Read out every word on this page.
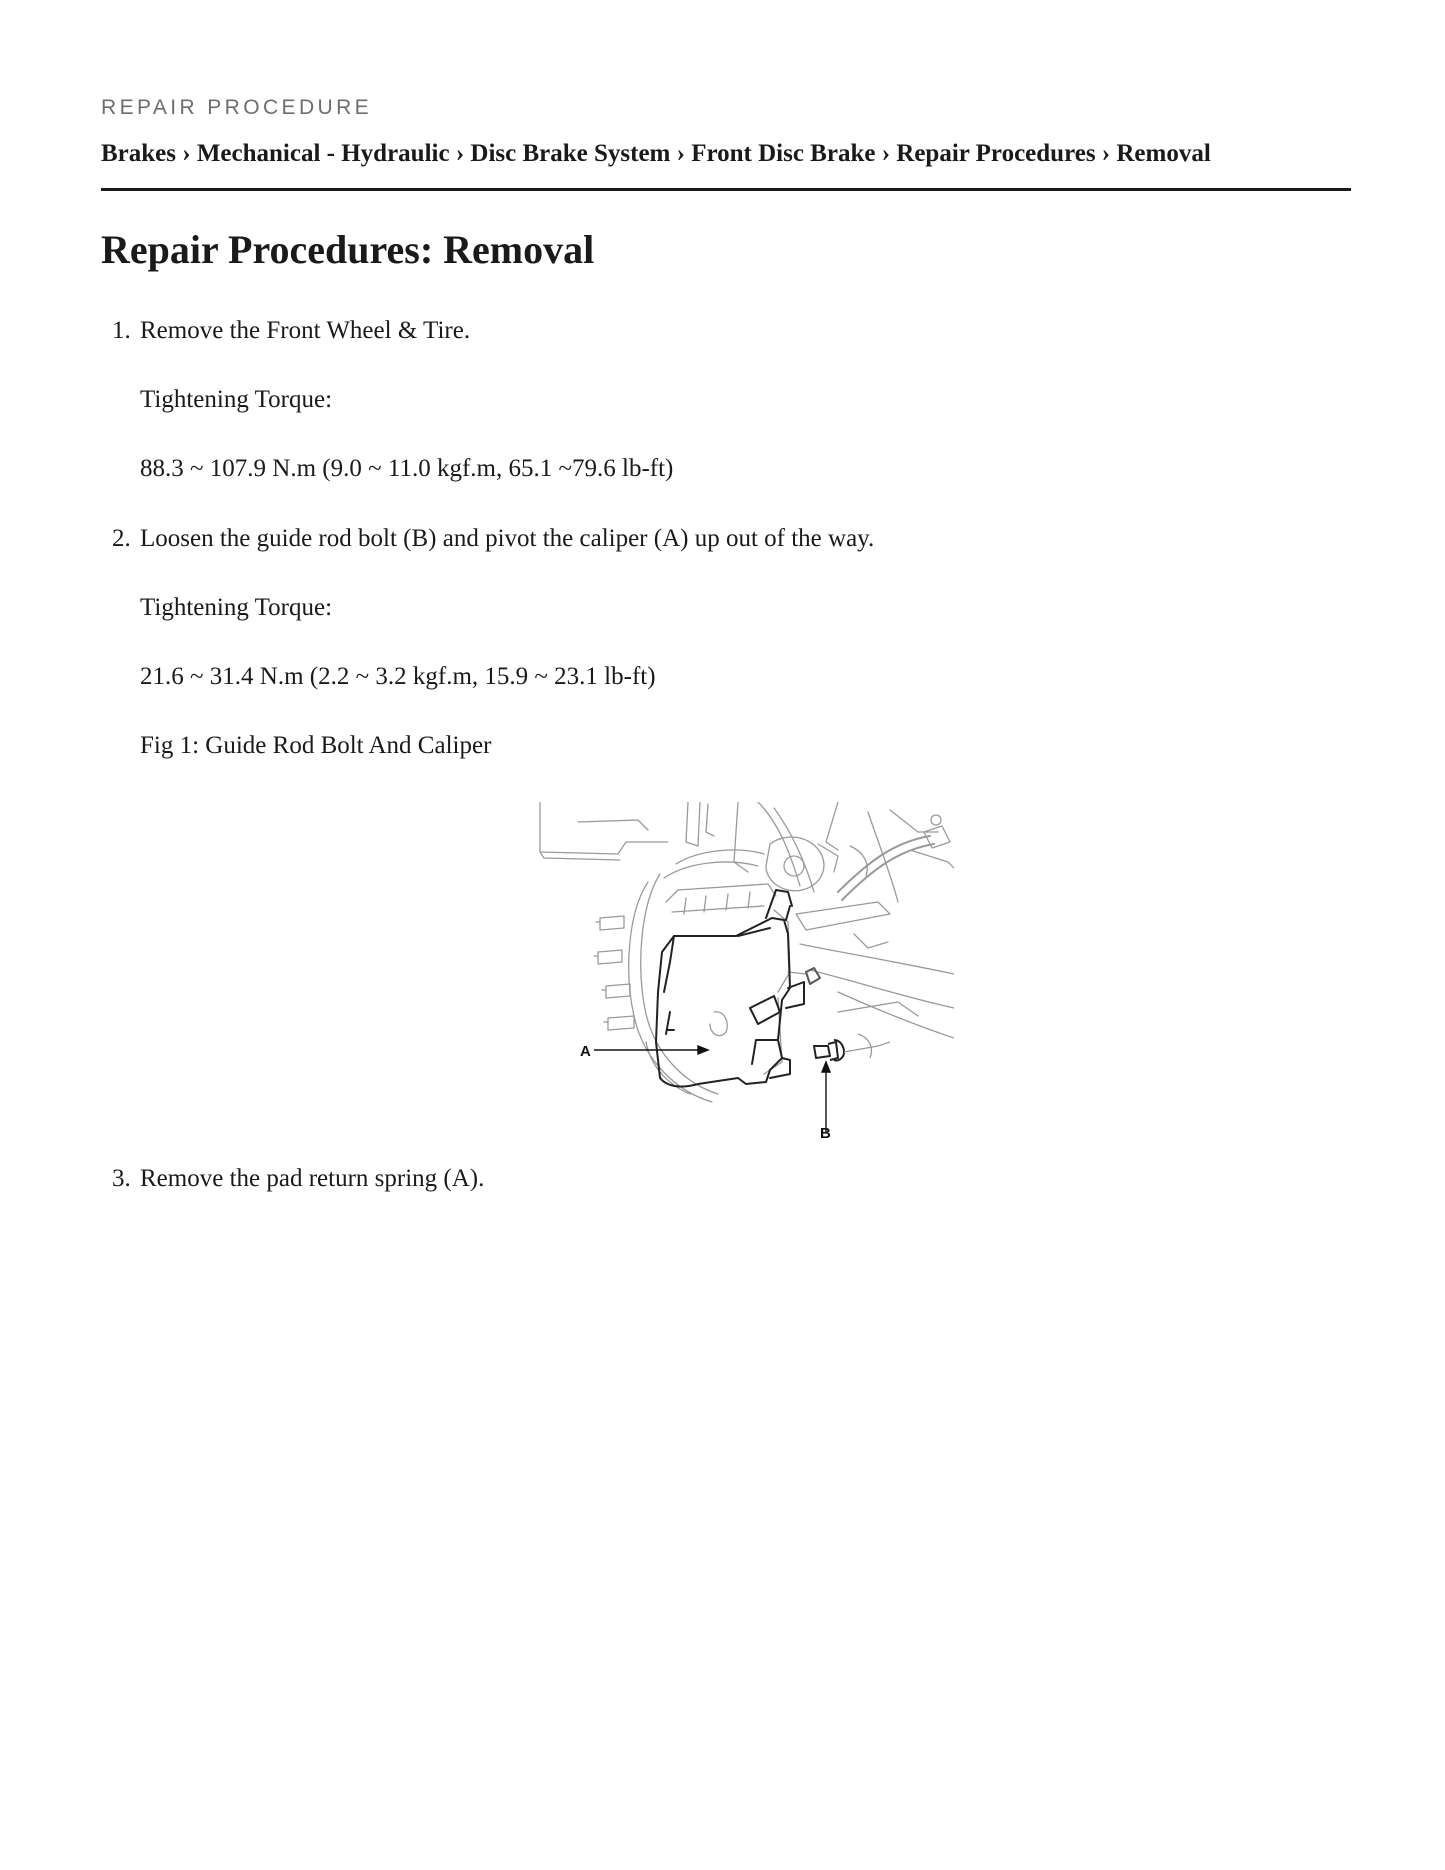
REPAIR PROCEDURE
Brakes › Mechanical - Hydraulic › Disc Brake System › Front Disc Brake › Repair Procedures › Removal
Repair Procedures: Removal
1. Remove the Front Wheel & Tire.
Tightening Torque:
88.3 ~ 107.9 N.m (9.0 ~ 11.0 kgf.m, 65.1 ~79.6 lb-ft)
2. Loosen the guide rod bolt (B) and pivot the caliper (A) up out of the way.
Tightening Torque:
21.6 ~ 31.4 N.m (2.2 ~ 3.2 kgf.m, 15.9 ~ 23.1 lb-ft)
Fig 1: Guide Rod Bolt And Caliper
A
B
3. Remove the pad return spring (A).
